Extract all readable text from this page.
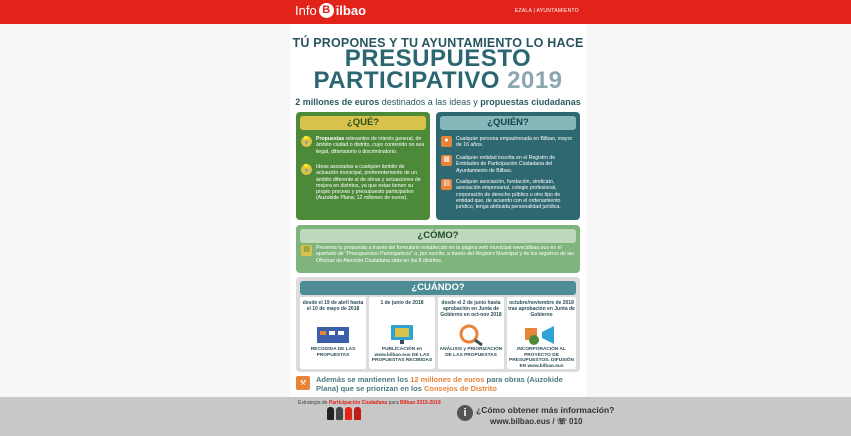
Info B ilbao	EZALA | AYUNTAMIENTO
TÚ PROPONES Y TU AYUNTAMIENTO LO HACE
PRESUPUESTO
PARTICIPATIVO 2019
2 millones de euros destinados a las ideas y propuestas ciudadanas
¿QUÉ?
💡 Propuestas relevantes de interés general, de ámbito ciudad o distrito, cuyo contenido no sea ilegal, difamatorio o discriminatorio.
💡 Ideas asociadas a cualquier ámbito de actuación municipal, preferentemente de un ámbito diferente al de obras y actuaciones de mejora en distritos, ya que estas tienen su propio proceso y presupuesto participativo (Auzokide Plana; 12 millones de euros).
¿QUIÉN?
●	Cualquier persona empadronada en Bilbao, mayor de 16 años.
▦	Cualquier entidad inscrita en el Registro de Entidades de Participación Ciudadana del Ayuntamiento de Bilbao.
▤	Cualquier asociación, fundación, sindicato, asociación empresarial, colegio profesional, corporación de derecho público u otro tipo de entidad que, de acuerdo con el ordenamiento jurídico, tenga atribuida personalidad jurídica.
¿CÓMO?
▤	Presenta tu propuesta a través del formulario establecido en la página web municipal www.bilbao.eus en el apartado de "Presupuestos Participativos" o, por escrito, a través del Registro Municipal y de los registros de las Oficinas de Atención Ciudadana sitas en los 8 distritos.
¿CUÁNDO?
desde el 19 de abril hasta el 10 de mayo de 2018
RECOGIDA DE LAS PROPUESTAS
1 de junio de 2018
PUBLICACIÓN en www.bilbao.eus DE LAS PROPUESTAS RECIBIDAS
desde el 2 de junio hasta aprobación en Junta de Gobierno en oct-nov 2018
ANÁLISIS y PRIORIZACIÓN DE LAS PROPUESTAS
octubre/noviembre de 2018 tras aprobación en Junta de Gobierno
INCORPORACIÓN AL PROYECTO DE PRESUPUESTOS. DIFUSIÓN EN www.bilbao.eus
⚒	Además se mantienen los 12 millones de euros para obras (Auzokide Plana) que se priorizan en los Consejos de Distrito
Estrategia de Participación Ciudadana para Bilbao 2015-2019
i	¿Cómo obtener más información?
www.bilbao.eus / ☏ 010
